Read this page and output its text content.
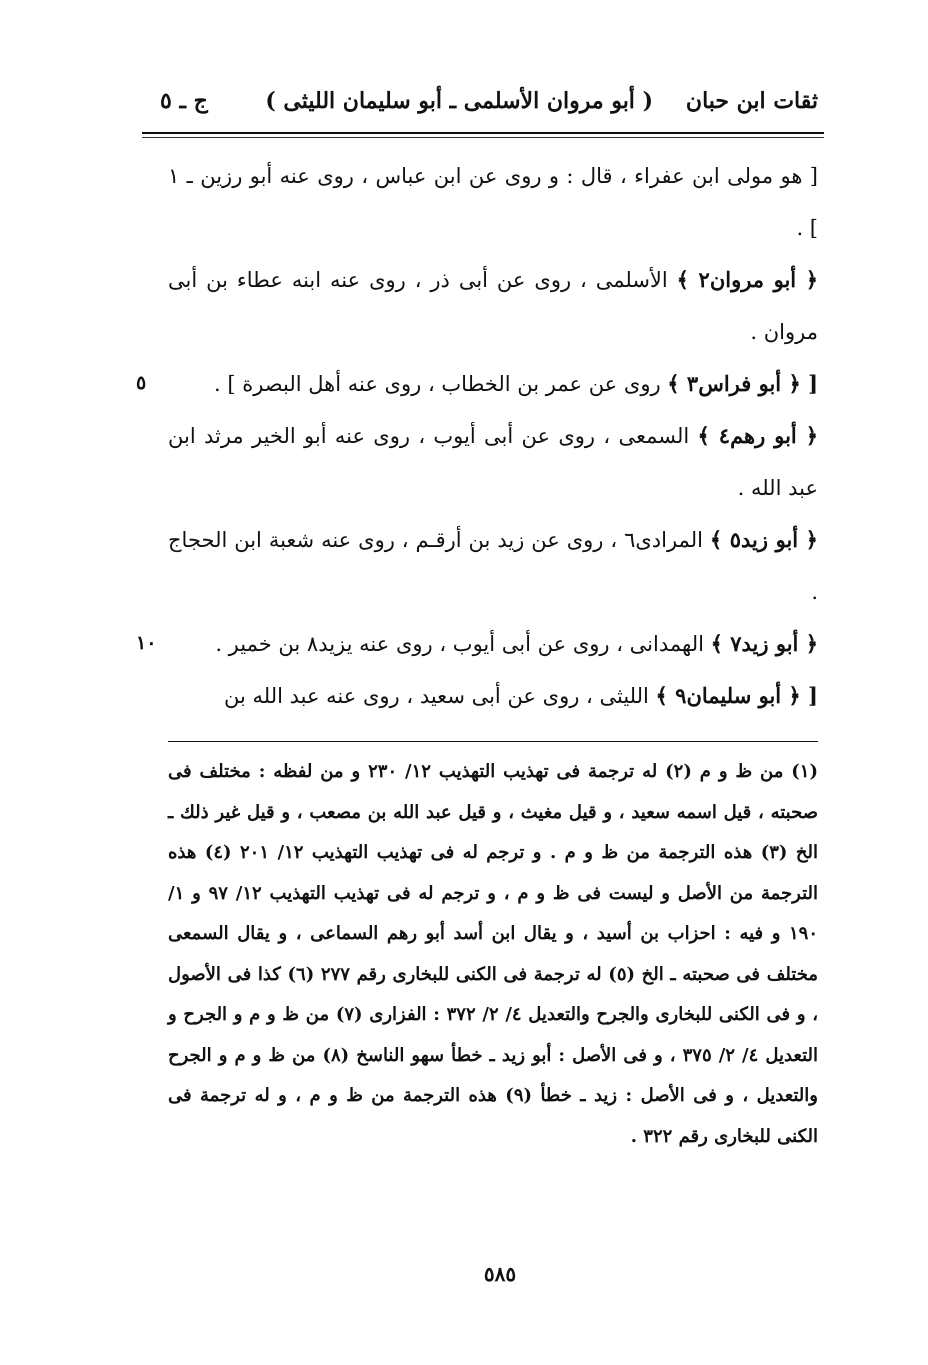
ثقات ابن حبان
( أبو مروان الأسلمى ـ أبو سليمان الليثى )
ج ـ ٥

[ هو مولى ابن عفراء ، قال : و روى عن ابن عباس ، روى عنه أبو رزين ـ ١ ] .

﴿ أبو مروان٢ ﴾ الأسلمى ، روى عن أبى ذر ، روى عنه ابنه عطاء بن أبى مروان .

[ ﴿ أبو فراس٣ ﴾ روى عن عمر بن الخطاب ، روى عنه أهل البصرة ] .

﴿ أبو رهم٤ ﴾ السمعى ، روى عن أبى أيوب ، روى عنه أبو الخير مرثد ابن عبد الله .

﴿ أبو زيد٥ ﴾ المرادى٦ ، روى عن زيد بن أرقـم ، روى عنه شعبة ابن الحجاج .

﴿ أبو زيد٧ ﴾ الهمدانى ، روى عن أبى أيوب ، روى عنه يزيد٨ بن خمير .

[ ﴿ أبو سليمان٩ ﴾ الليثى ، روى عن أبى سعيد ، روى عنه عبد الله بن

٥
١٠

(١) من ظ و م (٢) له ترجمة فى تهذيب التهذيب ١٢/ ٢٣٠ و من لفظه : مختلف فى صحبته ، قيل اسمه سعيد ، و قيل مغيث ، و قيل عبد الله بن مصعب ، و قيل غير ذلك ـ الخ (٣) هذه الترجمة من ظ و م . و ترجم له فى تهذيب التهذيب ١٢/ ٢٠١ (٤) هذه الترجمة من الأصل و ليست فى ظ و م ، و ترجم له فى تهذيب التهذيب ١٢/ ٩٧ و ١/ ١٩٠ و فيه : احزاب بن أسيد ، و يقال ابن أسد أبو رهم السماعى ، و يقال السمعى مختلف فى صحبته ـ الخ (٥) له ترجمة فى الكنى للبخارى رقم ٢٧٧ (٦) كذا فى الأصول ، و فى الكنى للبخارى والجرح والتعديل ٤/ ٢/ ٣٧٢ : الفزارى (٧) من ظ و م و الجرح و التعديل ٤/ ٢/ ٣٧٥ ، و فى الأصل : أبو زيد ـ خطأ سهو الناسخ (٨) من ظ و م و الجرح والتعديل ، و فى الأصل : زيد ـ خطأ (٩) هذه الترجمة من ظ و م ، و له ترجمة فى الكنى للبخارى رقم ٣٢٢ .

٥٨٥
